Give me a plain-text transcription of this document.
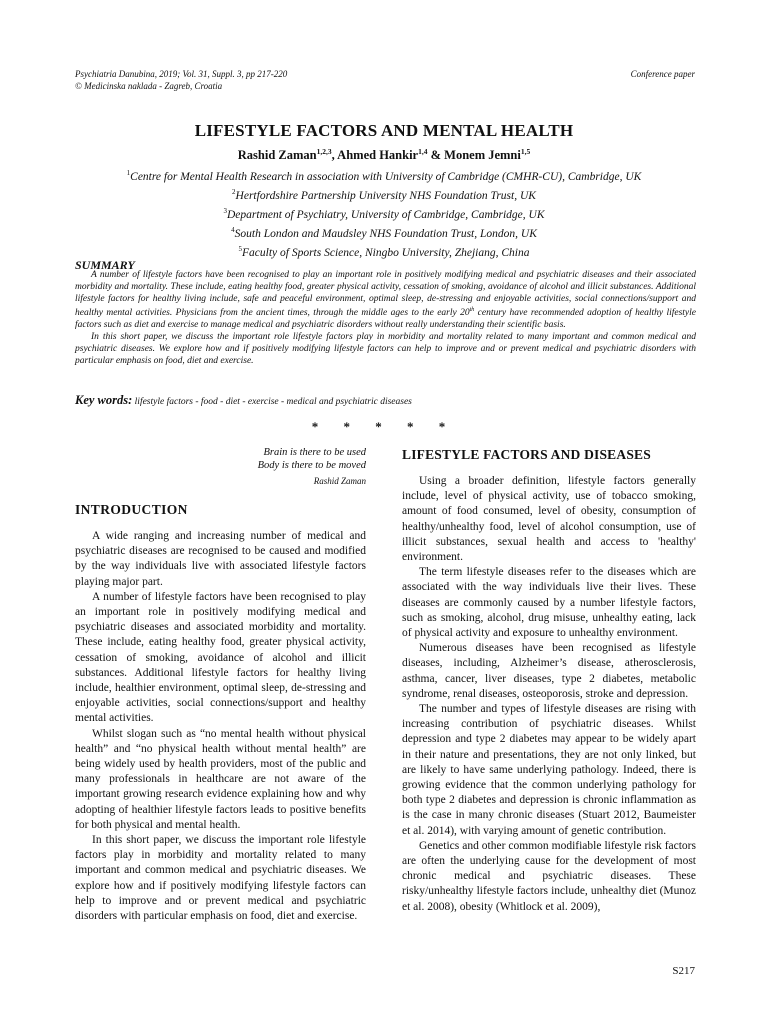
Psychiatria Danubina, 2019; Vol. 31, Suppl. 3, pp 217-220
© Medicinska naklada - Zagreb, Croatia
Conference paper
LIFESTYLE FACTORS AND MENTAL HEALTH
Rashid Zaman$^{1,2,3}$, Ahmed Hankir$^{1,4}$ & Monem Jemni$^{1,5}$
$^1$Centre for Mental Health Research in association with University of Cambridge (CMHR-CU), Cambridge, UK
$^2$Hertfordshire Partnership University NHS Foundation Trust, UK
$^3$Department of Psychiatry, University of Cambridge, Cambridge, UK
$^4$South London and Maudsley NHS Foundation Trust, London, UK
$^5$Faculty of Sports Science, Ningbo University, Zhejiang, China
SUMMARY

A number of lifestyle factors have been recognised to play an important role in positively modifying medical and psychiatric diseases and their associated morbidity and mortality. These include, eating healthy food, greater physical activity, cessation of smoking, avoidance of alcohol and illicit substances. Additional lifestyle factors for healthy living include, safe and peaceful environment, optimal sleep, de-stressing and enjoyable activities, social connections/support and healthy mental activities. Physicians from the ancient times, through the middle ages to the early 20th century have recommended adoption of healthy lifestyle factors such as diet and exercise to manage medical and psychiatric disorders without really understanding their scientific basis.

In this short paper, we discuss the important role lifestyle factors play in morbidity and mortality related to many important and common medical and psychiatric diseases. We explore how and if positively modifying lifestyle factors can help to improve and or prevent medical and psychiatric disorders with particular emphasis on food, diet and exercise.

Key words: lifestyle factors - food - diet - exercise - medical and psychiatric diseases
* * * * *
Brain is there to be used
Body is there to be moved
Rashid Zaman
INTRODUCTION

A wide ranging and increasing number of medical and psychiatric diseases are recognised to be caused and modified by the way individuals live with associated lifestyle factors playing major part.

A number of lifestyle factors have been recognised to play an important role in positively modifying medical and psychiatric diseases and associated morbidity and mortality. These include, eating healthy food, greater physical activity, cessation of smoking, avoidance of alcohol and illicit substances. Additional lifestyle factors for healthy living include, healthier environment, optimal sleep, de-stressing and enjoyable activities, social connections/support and healthy mental activities.

Whilst slogan such as “no mental health without physical health” and “no physical health without mental health” are being widely used by health providers, most of the public and many professionals in healthcare are not aware of the important growing research evidence explaining how and why adopting of healthier lifestyle factors leads to positive benefits for both physical and mental health.

In this short paper, we discuss the important role lifestyle factors play in morbidity and mortality related to many important and common medical and psychiatric diseases. We explore how and if positively modifying lifestyle factors can help to improve and or prevent medical and psychiatric disorders with particular emphasis on food, diet and exercise.

LIFESTYLE FACTORS AND DISEASES

Using a broader definition, lifestyle factors generally include, level of physical activity, use of tobacco smoking, amount of food consumed, level of obesity, consumption of healthy/unhealthy food, level of alcohol consumption, use of illicit substances, sexual health and access to 'healthy' environment.

The term lifestyle diseases refer to the diseases which are associated with the way individuals live their lives. These diseases are commonly caused by a number lifestyle factors, such as smoking, alcohol, drug misuse, unhealthy eating, lack of physical activity and exposure to unhealthy environment.

Numerous diseases have been recognised as lifestyle diseases, including, Alzheimer’s disease, atherosclerosis, asthma, cancer, liver diseases, type 2 diabetes, metabolic syndrome, renal diseases, osteoporosis, stroke and depression.

The number and types of lifestyle diseases are rising with increasing contribution of psychiatric diseases. Whilst depression and type 2 diabetes may appear to be widely apart in their nature and presentations, they are not only linked, but are likely to have same underlying pathology. Indeed, there is growing evidence that the common underlying pathology for both type 2 diabetes and depression is chronic inflammation as is the case in many chronic diseases (Stuart 2012, Baumeister et al. 2014), with varying amount of genetic contribution.

Genetics and other common modifiable lifestyle risk factors are often the underlying cause for the development of most chronic medical and psychiatric diseases. These risky/unhealthy lifestyle factors include, unhealthy diet (Munoz et al. 2008), obesity (Whitlock et al. 2009),

S217
